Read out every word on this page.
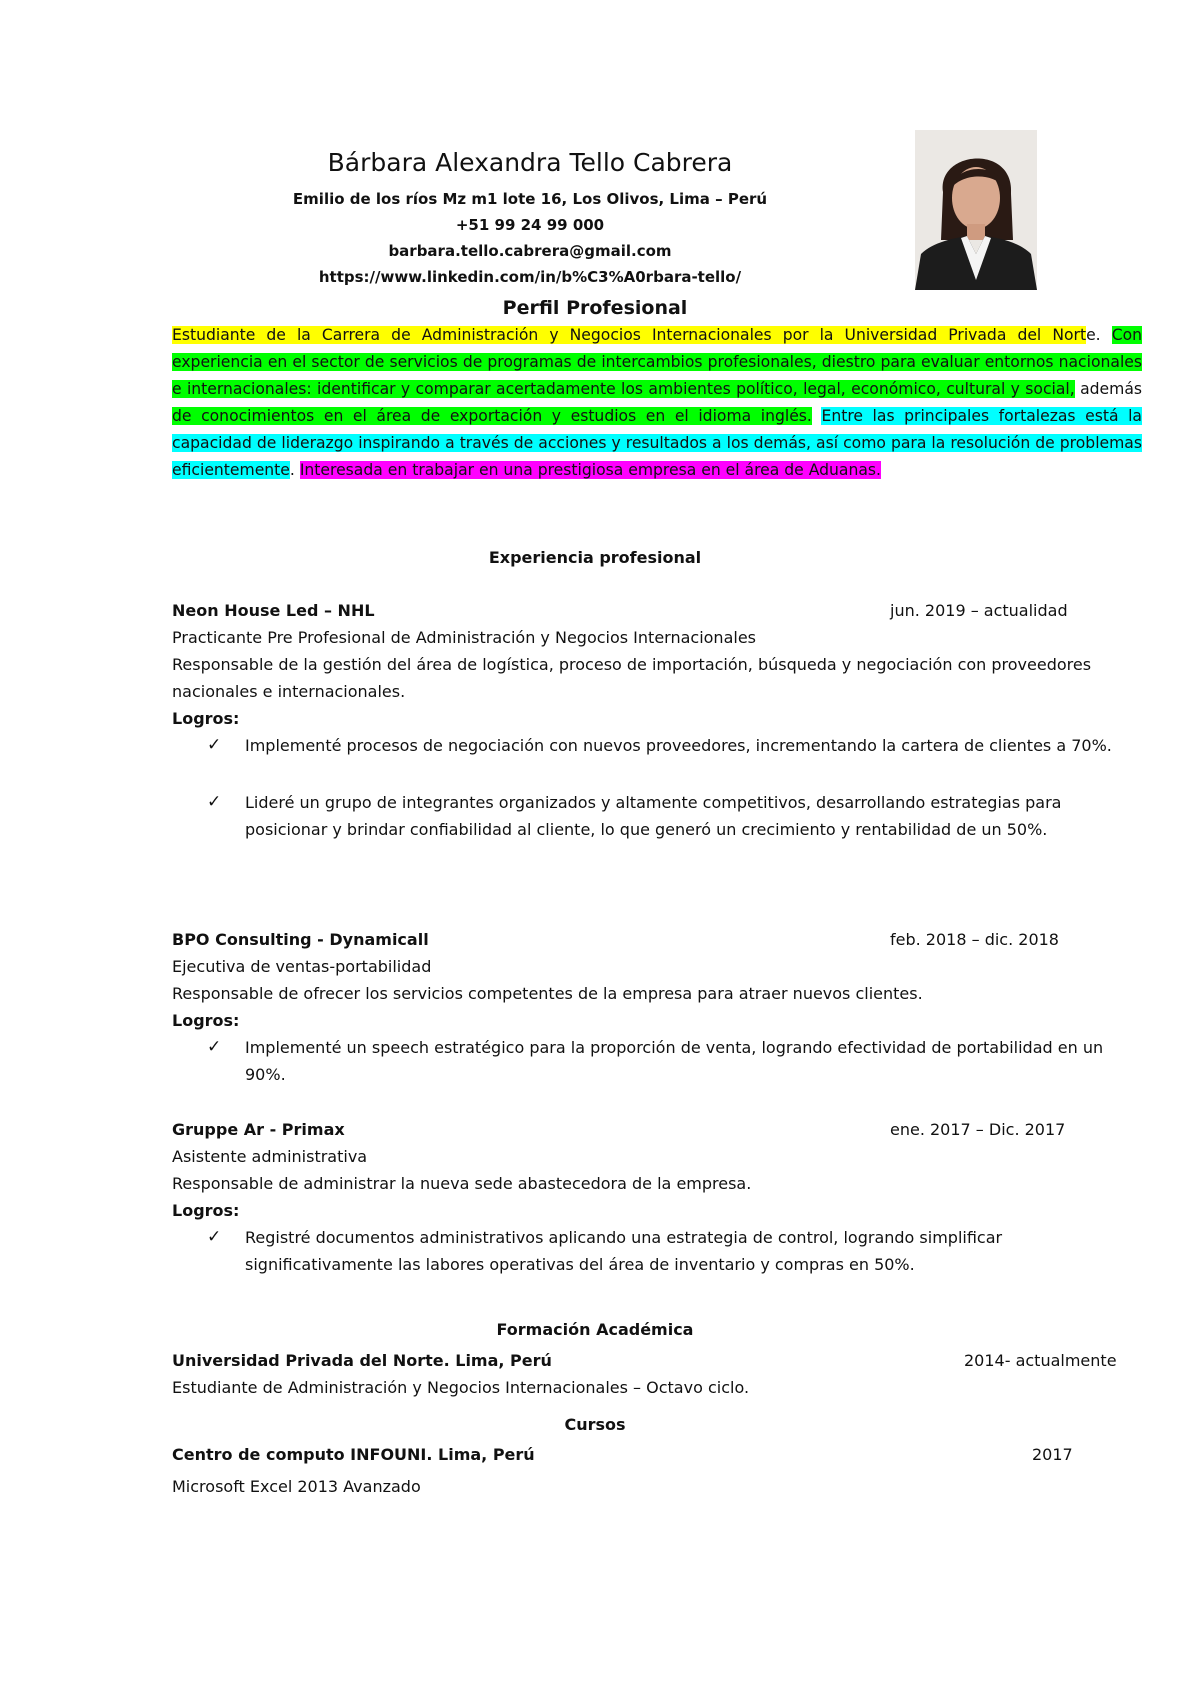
Bárbara Alexandra Tello Cabrera
Emilio de los ríos Mz m1 lote 16, Los Olivos, Lima – Perú
+51 99 24 99 000
barbara.tello.cabrera@gmail.com
https://www.linkedin.com/in/b%C3%A0rbara-tello/
Perfil Profesional

Estudiante de la Carrera de Administración y Negocios Internacionales por la Universidad Privada del Norte. Con experiencia en el sector de servicios de programas de intercambios profesionales, diestro para evaluar entornos nacionales e internacionales: identificar y comparar acertadamente los ambientes político, legal, económico, cultural y social, además de conocimientos en el área de exportación y estudios en el idioma inglés. Entre las principales fortalezas está la capacidad de liderazgo inspirando a través de acciones y resultados a los demás, así como para la resolución de problemas eficientemente. Interesada en trabajar en una prestigiosa empresa en el área de Aduanas.

Experiencia profesional
Neon House Led – NHL	jun. 2019 – actualidad

Practicante Pre Profesional de Administración y Negocios Internacionales

Responsable de la gestión del área de logística, proceso de importación, búsqueda y negociación con proveedores nacionales e internacionales.

Logros:

✓ Implementé procesos de negociación con nuevos proveedores, incrementando la cartera de clientes a 70%.
✓ Lideré un grupo de integrantes organizados y altamente competitivos, desarrollando estrategias para posicionar y brindar confiabilidad al cliente, lo que generó un crecimiento y rentabilidad de un 50%.
BPO Consulting - Dynamicall	feb. 2018 – dic. 2018

Ejecutiva de ventas-portabilidad

Responsable de ofrecer los servicios competentes de la empresa para atraer nuevos clientes.

Logros:

✓ Implementé un speech estratégico para la proporción de venta, logrando efectividad de portabilidad en un 90%.
Gruppe Ar - Primax	ene. 2017 – Dic. 2017

Asistente administrativa

Responsable de administrar la nueva sede abastecedora de la empresa.

Logros:

✓ Registré documentos administrativos aplicando una estrategia de control, logrando simplificar significativamente las labores operativas del área de inventario y compras en 50%.
Formación Académica
Universidad Privada del Norte. Lima, Perú	2014- actualmente
Estudiante de Administración y Negocios Internacionales – Octavo ciclo.
Cursos
Centro de computo INFOUNI. Lima, Perú	2017
Microsoft Excel 2013 Avanzado
